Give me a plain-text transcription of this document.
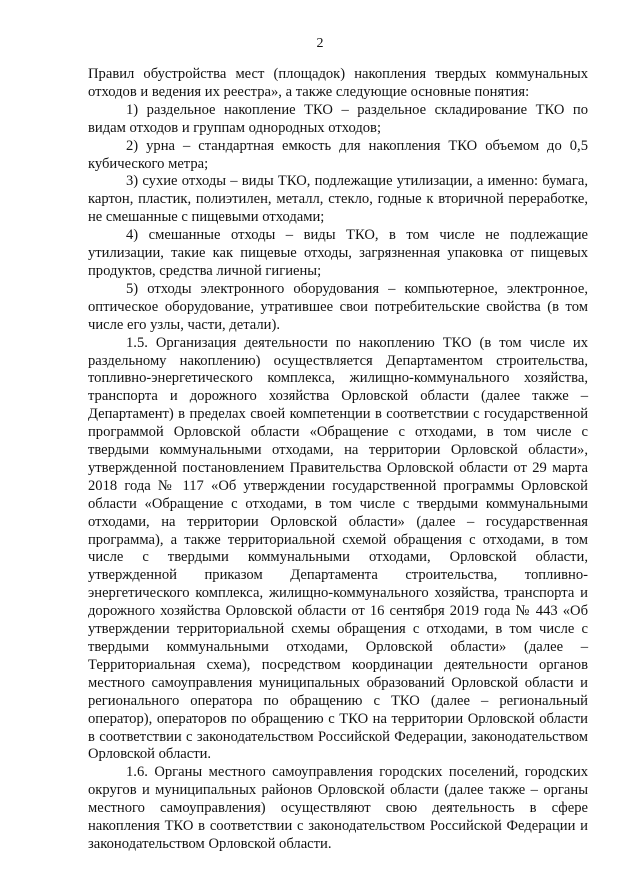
2

Правил обустройства мест (площадок) накопления твердых коммунальных отходов и ведения их реестра», а также следующие основные понятия:

1) раздельное накопление ТКО – раздельное складирование ТКО по видам отходов и группам однородных отходов;

2) урна – стандартная емкость для накопления ТКО объемом до 0,5 кубического метра;

3) сухие отходы – виды ТКО, подлежащие утилизации, а именно: бумага, картон, пластик, полиэтилен, металл, стекло, годные к вторичной переработке, не смешанные с пищевыми отходами;

4) смешанные отходы – виды ТКО, в том числе не подлежащие утилизации, такие как пищевые отходы, загрязненная упаковка от пищевых продуктов, средства личной гигиены;

5) отходы электронного оборудования – компьютерное, электронное, оптическое оборудование, утратившее свои потребительские свойства (в том числе его узлы, части, детали).

1.5. Организация деятельности по накоплению ТКО (в том числе их раздельному накоплению) осуществляется Департаментом строительства, топливно-энергетического комплекса, жилищно-коммунального хозяйства, транспорта и дорожного хозяйства Орловской области (далее также – Департамент) в пределах своей компетенции в соответствии с государственной программой Орловской области «Обращение с отходами, в том числе с твердыми коммунальными отходами, на территории Орловской области», утвержденной постановлением Правительства Орловской области от 29 марта 2018 года № 117 «Об утверждении государственной программы Орловской области «Обращение с отходами, в том числе с твердыми коммунальными отходами, на территории Орловской области» (далее – государственная программа), а также территориальной схемой обращения с отходами, в том числе с твердыми коммунальными отходами, Орловской области, утвержденной приказом Департамента строительства, топливно-энергетического комплекса, жилищно-коммунального хозяйства, транспорта и дорожного хозяйства Орловской области от 16 сентября 2019 года № 443 «Об утверждении территориальной схемы обращения с отходами, в том числе с твердыми коммунальными отходами, Орловской области» (далее – Территориальная схема), посредством координации деятельности органов местного самоуправления муниципальных образований Орловской области и регионального оператора по обращению с ТКО (далее – региональный оператор), операторов по обращению с ТКО на территории Орловской области в соответствии с законодательством Российской Федерации, законодательством Орловской области.

1.6. Органы местного самоуправления городских поселений, городских округов и муниципальных районов Орловской области (далее также – органы местного самоуправления) осуществляют свою деятельность в сфере накопления ТКО в соответствии с законодательством Российской Федерации и законодательством Орловской области.
